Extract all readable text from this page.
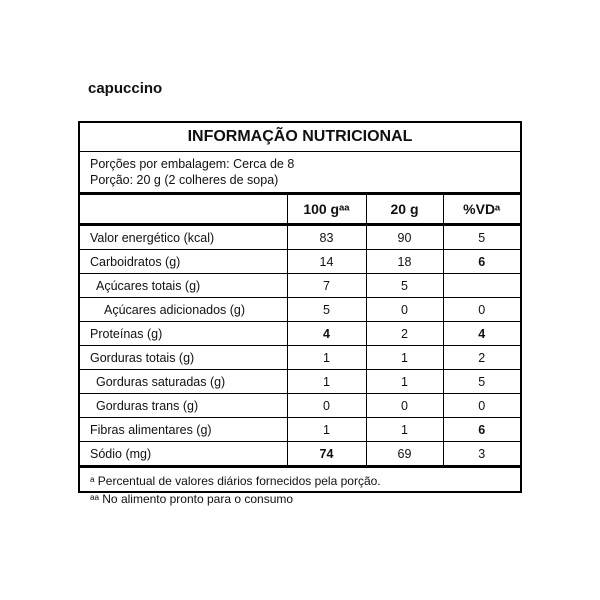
capuccino
INFORMAÇÃO NUTRICIONAL
Porções por embalagem: Cerca de 8
Porção: 20 g (2 colheres de sopa)
	100 gᵃᵃ	20 g	%VDᵃ
Valor energético (kcal)	83	90	5
Carboidratos (g)	14	18	6
Açúcares totais (g)	7	5	
Açúcares adicionados (g)	5	0	0
Proteínas (g)	4	2	4
Gorduras totais (g)	1	1	2
Gorduras saturadas (g)	1	1	5
Gorduras trans (g)	0	0	0
Fibras alimentares (g)	1	1	6
Sódio (mg)	74	69	3
ᵃ Percentual de valores diários fornecidos pela porção.
ᵃᵃ No alimento pronto para o consumo
